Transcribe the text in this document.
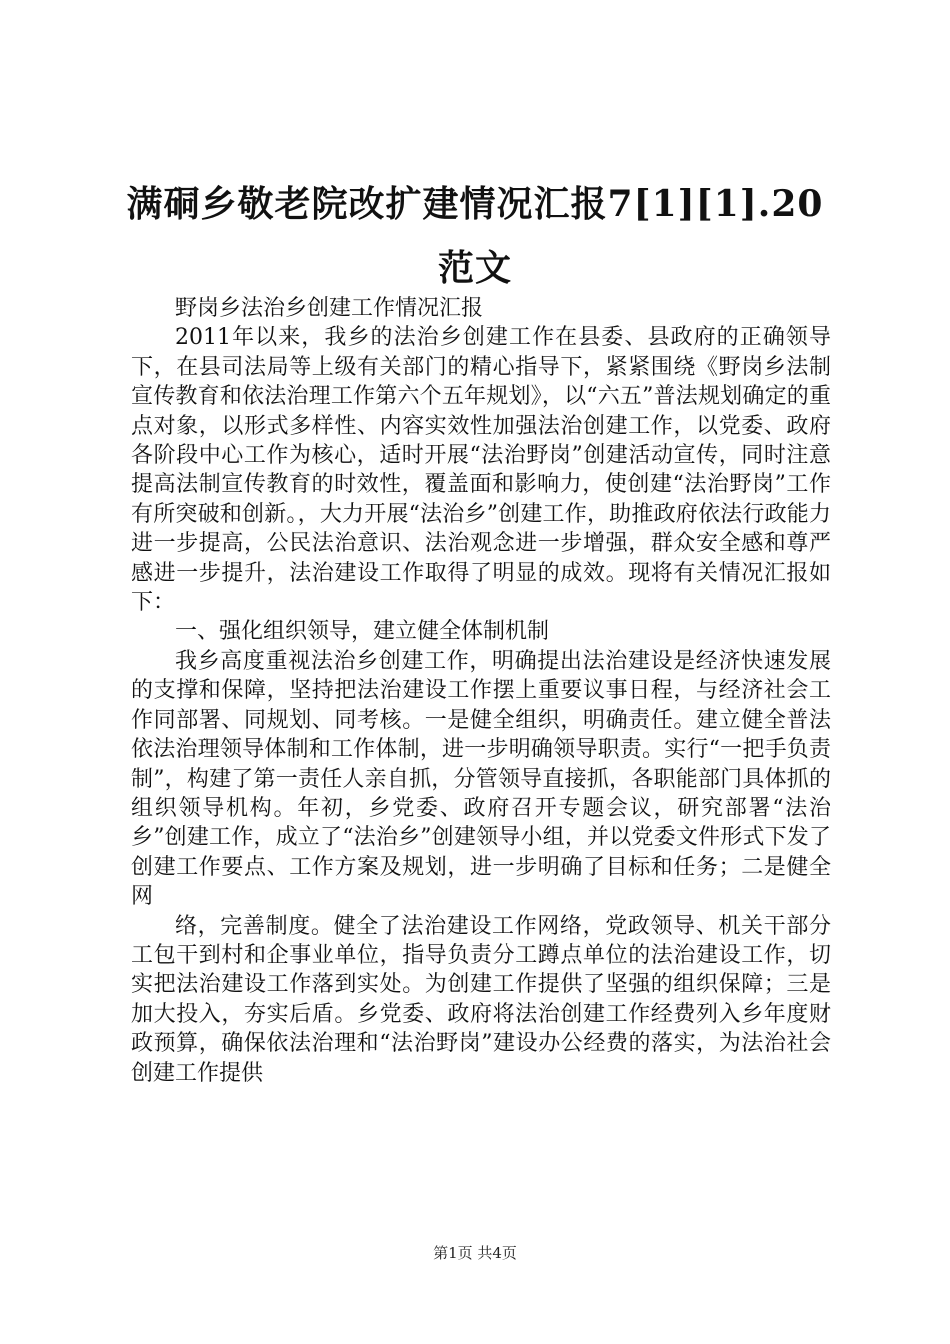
满硐乡敬老院改扩建情况汇报7[1][1].20范文

野岗乡法治乡创建工作情况汇报

2011年以来，我乡的法治乡创建工作在县委、县政府的正确领导下，在县司法局等上级有关部门的精心指导下，紧紧围绕《野岗乡法制宣传教育和依法治理工作第六个五年规划》，以“六五”普法规划确定的重点对象，以形式多样性、内容实效性加强法治创建工作，以党委、政府各阶段中心工作为核心，适时开展“法治野岗”创建活动宣传，同时注意提高法制宣传教育的时效性，覆盖面和影响力，使创建“法治野岗”工作有所突破和创新。，大力开展“法治乡”创建工作，助推政府依法行政能力进一步提高，公民法治意识、法治观念进一步增强，群众安全感和尊严感进一步提升，法治建设工作取得了明显的成效。现将有关情况汇报如下：

一、强化组织领导，建立健全体制机制

我乡高度重视法治乡创建工作，明确提出法治建设是经济快速发展的支撑和保障，坚持把法治建设工作摆上重要议事日程，与经济社会工作同部署、同规划、同考核。一是健全组织，明确责任。建立健全普法依法治理领导体制和工作体制，进一步明确领导职责。实行“一把手负责制”，构建了第一责任人亲自抓，分管领导直接抓，各职能部门具体抓的组织领导机构。年初，乡党委、政府召开专题会议，研究部署“法治乡”创建工作，成立了“法治乡”创建领导小组，并以党委文件形式下发了创建工作要点、工作方案及规划，进一步明确了目标和任务；二是健全网

络，完善制度。健全了法治建设工作网络，党政领导、机关干部分工包干到村和企事业单位，指导负责分工蹲点单位的法治建设工作，切实把法治建设工作落到实处。为创建工作提供了坚强的组织保障；三是加大投入，夯实后盾。乡党委、政府将法治创建工作经费列入乡年度财政预算，确保依法治理和“法治野岗”建设办公经费的落实，为法治社会创建工作提供

第1页 共4页
